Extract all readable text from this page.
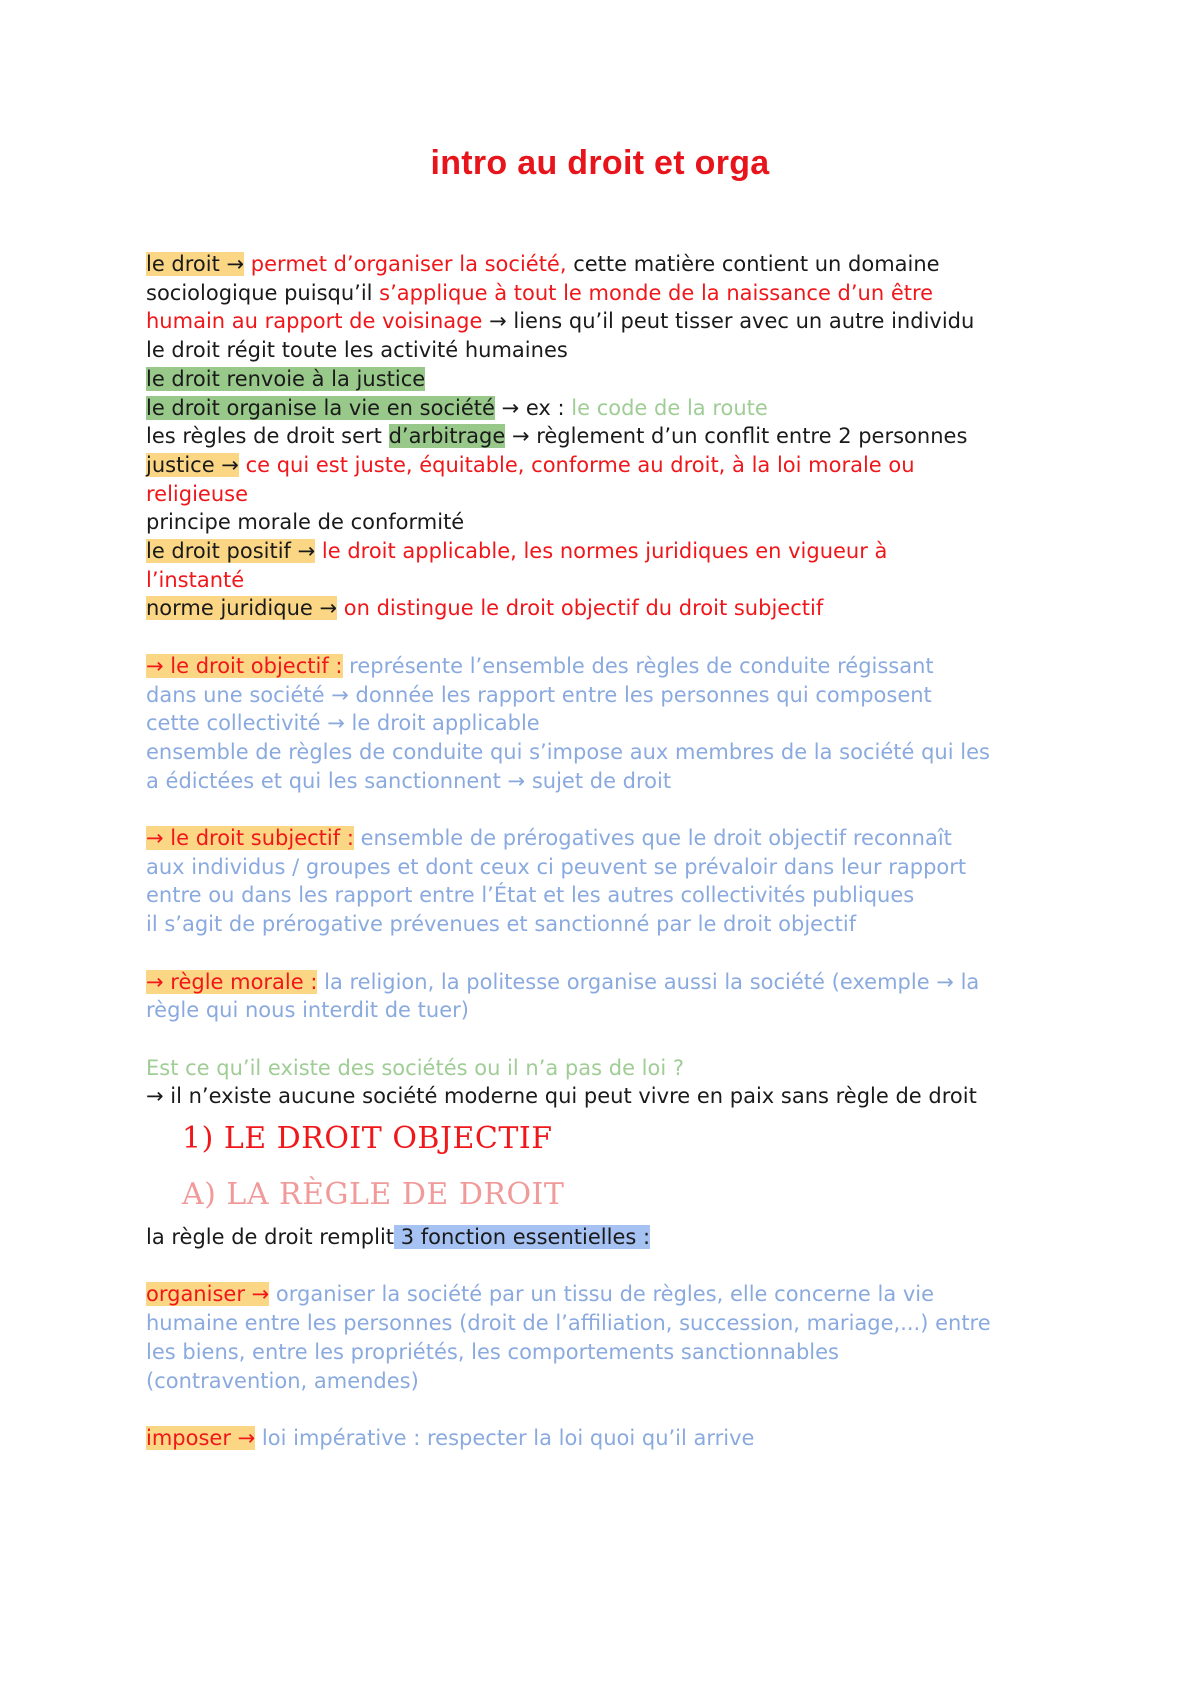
intro au droit et orga
le droit → permet d’organiser la société, cette matière contient un domaine
sociologique puisqu’il s’applique à tout le monde de la naissance d’un être
humain au rapport de voisinage → liens qu’il peut tisser avec un autre individu
le droit régit toute les activité humaines
le droit renvoie à la justice
le droit organise la vie en société → ex : le code de la route
les règles de droit sert d’arbitrage → règlement d’un conflit entre 2 personnes
justice → ce qui est juste, équitable, conforme au droit, à la loi morale ou
religieuse
principe morale de conformité
le droit positif → le droit applicable, les normes juridiques en vigueur à
l’instanté
norme juridique → on distingue le droit objectif du droit subjectif
→ le droit objectif : représente l’ensemble des règles de conduite régissant
dans une société → donnée les rapport entre les personnes qui composent
cette collectivité → le droit applicable
ensemble de règles de conduite qui s’impose aux membres de la société qui les
a édictées et qui les sanctionnent → sujet de droit
→ le droit subjectif : ensemble de prérogatives que le droit objectif reconnaît
aux individus / groupes et dont ceux ci peuvent se prévaloir dans leur rapport
entre ou dans les rapport entre l’État et les autres collectivités publiques
il s’agit de prérogative prévenues et sanctionné par le droit objectif
→ règle morale : la religion, la politesse organise aussi la société (exemple → la
règle qui nous interdit de tuer)
Est ce qu’il existe des sociétés ou il n’a pas de loi ?
→ il n’existe aucune société moderne qui peut vivre en paix sans règle de droit
1) LE DROIT OBJECTIF
A) LA RÈGLE DE DROIT
la règle de droit remplit 3 fonction essentielles :
organiser → organiser la société par un tissu de règles, elle concerne la vie
humaine entre les personnes (droit de l’affiliation, succession, mariage,...) entre
les biens, entre les propriétés, les comportements sanctionnables
(contravention, amendes)
imposer → loi impérative : respecter la loi quoi qu’il arrive
